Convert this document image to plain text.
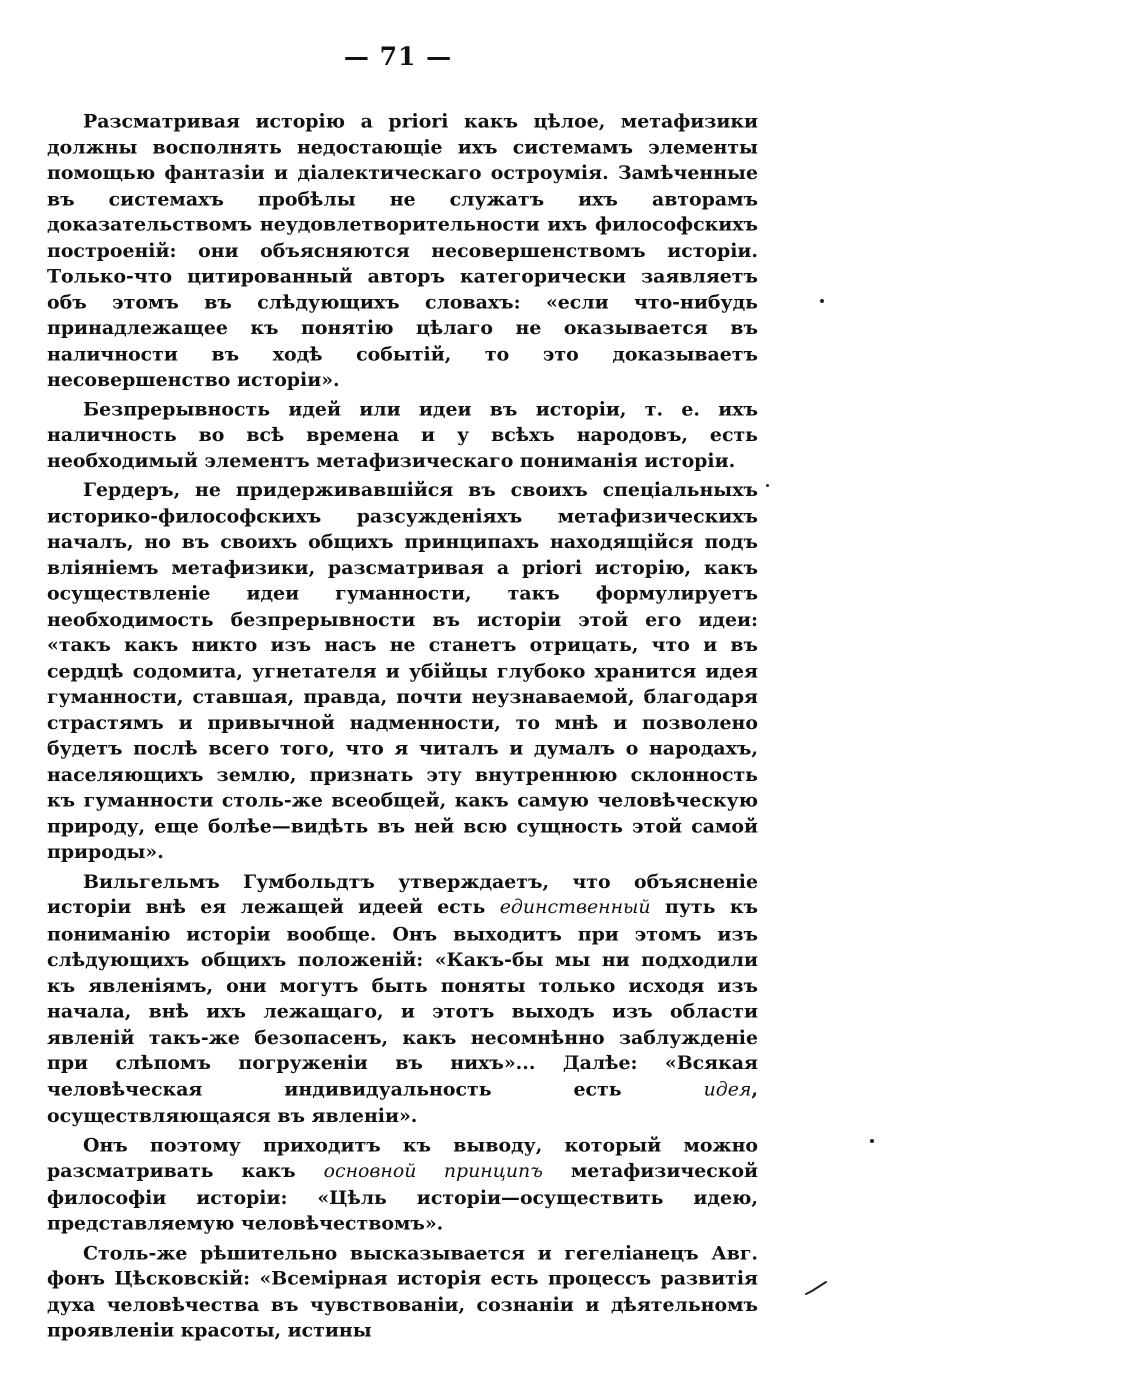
— 71 —

Разсматривая исторію a priori какъ цѣлое, метафизики должны восполнять недостающіе ихъ системамъ элементы помощью фантазіи и діалектическаго остроумія. Замѣченные въ системахъ пробѣлы не служатъ ихъ авторамъ доказательствомъ неудовлетворительности ихъ философскихъ построеній: они объясняются несовершенствомъ исторіи. Только-что цитированный авторъ категорически заявляетъ объ этомъ въ слѣдующихъ словахъ: «если что-нибудь принадлежащее къ понятію цѣлаго не оказывается въ наличности въ ходѣ событій, то это доказываетъ несовершенство исторіи».

Безпрерывность идей или идеи въ исторіи, т. е. ихъ наличность во всѣ времена и у всѣхъ народовъ, есть необходимый элементъ метафизическаго пониманія исторіи.

Гердеръ, не придерживавшійся въ своихъ спеціальныхъ историко-философскихъ разсужденіяхъ метафизическихъ началъ, но въ своихъ общихъ принципахъ находящійся подъ вліяніемъ метафизики, разсматривая a priori исторію, какъ осуществленіе идеи гуманности, такъ формулируетъ необходимость безпрерывности въ исторіи этой его идеи: «такъ какъ никто изъ насъ не станетъ отрицать, что и въ сердцѣ содомита, угнетателя и убійцы глубоко хранится идея гуманности, ставшая, правда, почти неузнаваемой, благодаря страстямъ и привычной надменности, то мнѣ и позволено будетъ послѣ всего того, что я читалъ и думалъ о народахъ, населяющихъ землю, признать эту внутреннюю склонность къ гуманности столь-же всеобщей, какъ самую человѣческую природу, еще болѣе—видѣть въ ней всю сущность этой самой природы».

Вильгельмъ Гумбольдтъ утверждаетъ, что объясненіе исторіи внѣ ея лежащей идеей есть единственный путь къ пониманію исторіи вообще. Онъ выходитъ при этомъ изъ слѣдующихъ общихъ положеній: «Какъ-бы мы ни подходили къ явленіямъ, они могутъ быть поняты только исходя изъ начала, внѣ ихъ лежащаго, и этотъ выходъ изъ области явленій такъ-же безопасенъ, какъ несомнѣнно заблужденіе при слѣпомъ погруженіи въ нихъ»... Далѣе: «Всякая человѣческая индивидуальность есть идея, осуществляющаяся въ явленіи».

Онъ поэтому приходитъ къ выводу, который можно разсматривать какъ основной принципъ метафизической философіи исторіи: «Цѣль исторіи—осуществить идею, представляемую человѣчествомъ».

Столь-же рѣшительно высказывается и гегеліанецъ Авг. фонъ Цѣсковскій: «Всемірная исторія есть процессъ развитія духа человѣчества въ чувствованіи, сознаніи и дѣятельномъ проявленіи красоты, истины
